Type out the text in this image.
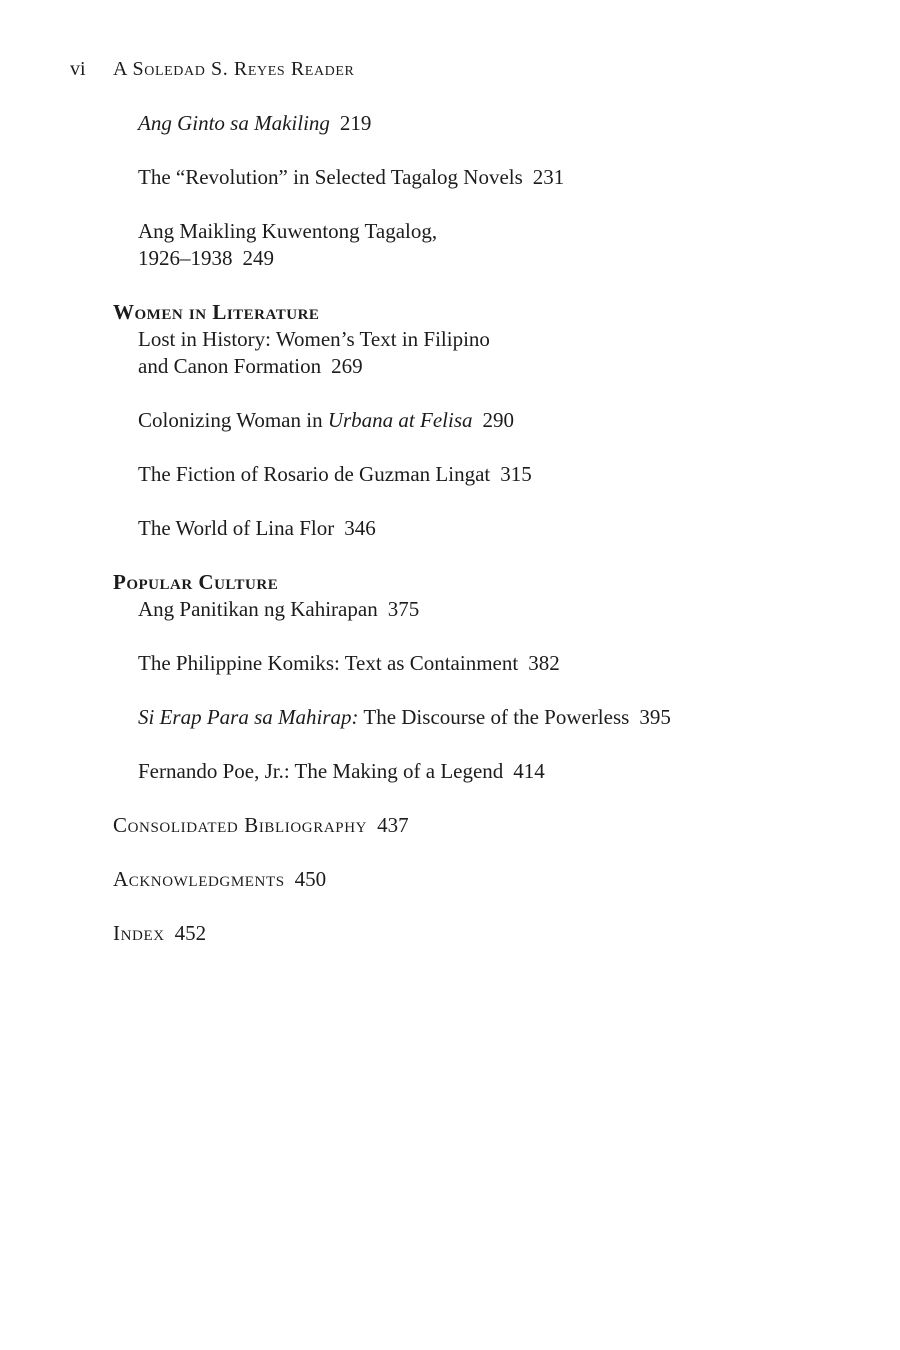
vi A Soledad S. Reyes Reader
Ang Ginto sa Makiling 219
The “Revolution” in Selected Tagalog Novels 231
Ang Maikling Kuwentong Tagalog,
1926–1938 249
Women in Literature
Lost in History: Women’s Text in Filipino
and Canon Formation 269
Colonizing Woman in Urbana at Felisa 290
The Fiction of Rosario de Guzman Lingat 315
The World of Lina Flor 346
Popular Culture
Ang Panitikan ng Kahirapan 375
The Philippine Komiks: Text as Containment 382
Si Erap Para sa Mahirap: The Discourse of the Powerless 395
Fernando Poe, Jr.: The Making of a Legend 414
Consolidated Bibliography 437
Acknowledgments 450
Index 452
